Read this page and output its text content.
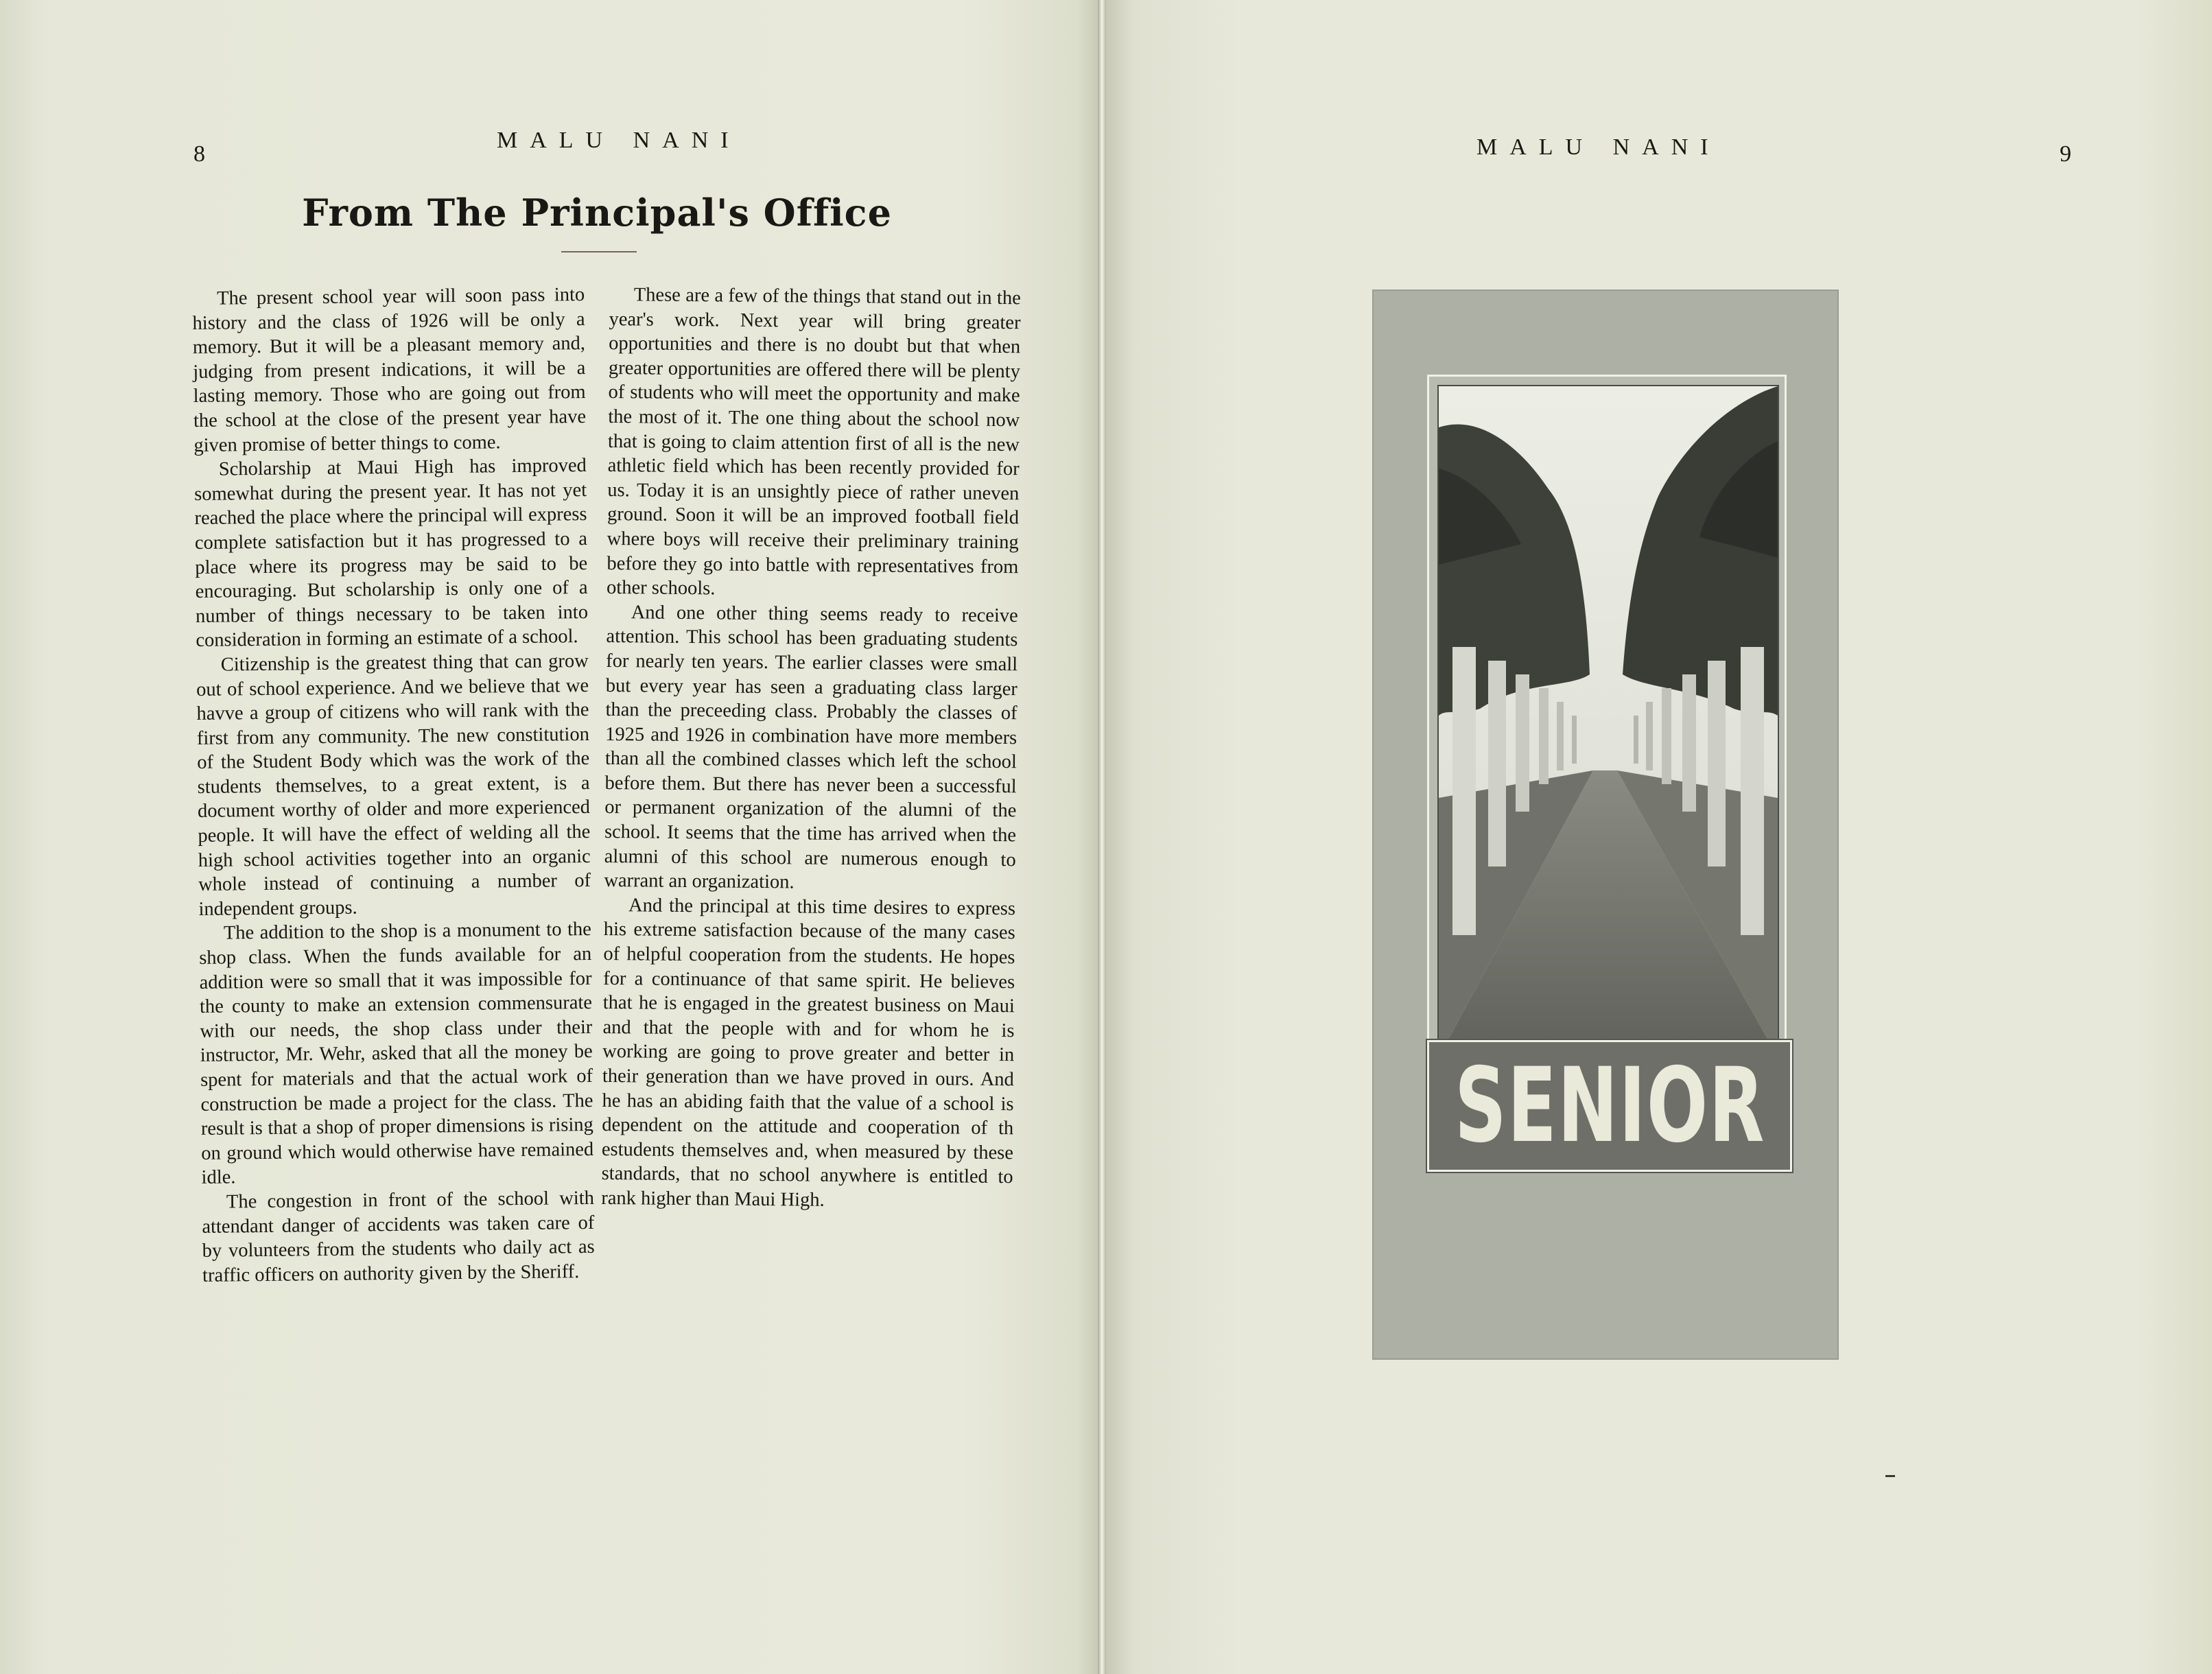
8
MALU NANI
From The Principal's Office

The present school year will soon pass into history and the class of 1926 will be only a memory. But it will be a pleasant memory and, judging from present indications, it will be a lasting memory. Those who are going out from the school at the close of the present year have given promise of better things to come.

Scholarship at Maui High has improved somewhat during the present year. It has not yet reached the place where the principal will express complete satisfaction but it has progressed to a place where its progress may be said to be encouraging. But scholarship is only one of a number of things necessary to be taken into consideration in forming an estimate of a school.

Citizenship is the greatest thing that can grow out of school experience. And we believe that we havve a group of citizens who will rank with the first from any community. The new constitution of the Student Body which was the work of the students themselves, to a great extent, is a document worthy of older and more experienced people. It will have the effect of welding all the high school activities together into an organic whole instead of continuing a number of independent groups.

The addition to the shop is a monument to the shop class. When the funds available for an addition were so small that it was impossible for the county to make an extension commensurate with our needs, the shop class under their instructor, Mr. Wehr, asked that all the money be spent for materials and that the actual work of construction be made a project for the class. The result is that a shop of proper dimensions is rising on ground which would otherwise have remained idle.

The congestion in front of the school with attendant danger of accidents was taken care of by volunteers from the students who daily act as traffic officers on authority given by the Sheriff.

These are a few of the things that stand out in the year's work. Next year will bring greater opportunities and there is no doubt but that when greater opportunities are offered there will be plenty of students who will meet the opportunity and make the most of it. The one thing about the school now that is going to claim attention first of all is the new athletic field which has been recently provided for us. Today it is an unsightly piece of rather uneven ground. Soon it will be an improved football field where boys will receive their preliminary training before they go into battle with representatives from other schools.

And one other thing seems ready to receive attention. This school has been graduating students for nearly ten years. The earlier classes were small but every year has seen a graduating class larger than the preceeding class. Probably the classes of 1925 and 1926 in combination have more members than all the combined classes which left the school before them. But there has never been a successful or permanent organization of the alumni of the school. It seems that the time has arrived when the alumni of this school are numerous enough to warrant an organization.

And the principal at this time desires to express his extreme satisfaction because of the many cases of helpful cooperation from the students. He hopes for a continuance of that same spirit. He believes that he is engaged in the greatest business on Maui and that the people with and for whom he is working are going to prove greater and better in their generation than we have proved in ours. And he has an abiding faith that the value of a school is dependent on the attitude and cooperation of th estudents themselves and, when measured by these standards, that no school anywhere is entitled to rank higher than Maui High.

MALU NANI	9
SENIOR
